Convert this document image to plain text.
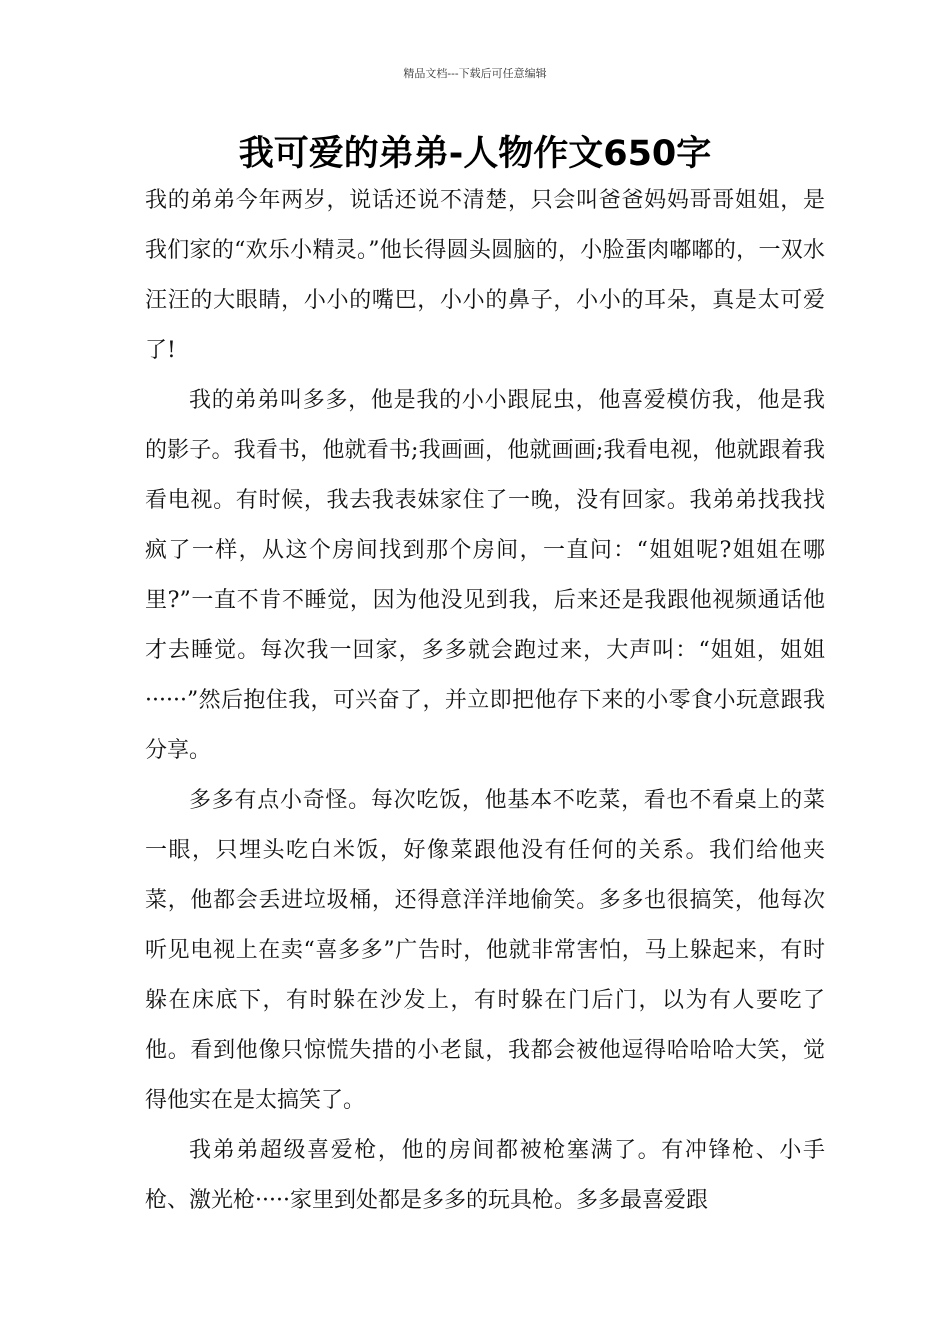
精品文档---下载后可任意编辑
我可爱的弟弟-人物作文650字

我的弟弟今年两岁，说话还说不清楚，只会叫爸爸妈妈哥哥姐姐，是我们家的“欢乐小精灵。”他长得圆头圆脑的，小脸蛋肉嘟嘟的，一双水汪汪的大眼睛，小小的嘴巴，小小的鼻子，小小的耳朵，真是太可爱了!

我的弟弟叫多多，他是我的小小跟屁虫，他喜爱模仿我，他是我的影子。我看书，他就看书;我画画，他就画画;我看电视，他就跟着我看电视。有时候，我去我表妹家住了一晚，没有回家。我弟弟找我找疯了一样，从这个房间找到那个房间，一直问：“姐姐呢?姐姐在哪里?”一直不肯不睡觉，因为他没见到我，后来还是我跟他视频通话他才去睡觉。每次我一回家，多多就会跑过来，大声叫：“姐姐，姐姐······”然后抱住我，可兴奋了，并立即把他存下来的小零食小玩意跟我分享。

多多有点小奇怪。每次吃饭，他基本不吃菜，看也不看桌上的菜一眼，只埋头吃白米饭，好像菜跟他没有任何的关系。我们给他夹菜，他都会丢进垃圾桶，还得意洋洋地偷笑。多多也很搞笑，他每次听见电视上在卖“喜多多”广告时，他就非常害怕，马上躲起来，有时躲在床底下，有时躲在沙发上，有时躲在门后门，以为有人要吃了他。看到他像只惊慌失措的小老鼠，我都会被他逗得哈哈哈大笑，觉得他实在是太搞笑了。

我弟弟超级喜爱枪，他的房间都被枪塞满了。有冲锋枪、小手枪、激光枪·····家里到处都是多多的玩具枪。多多最喜爱跟
